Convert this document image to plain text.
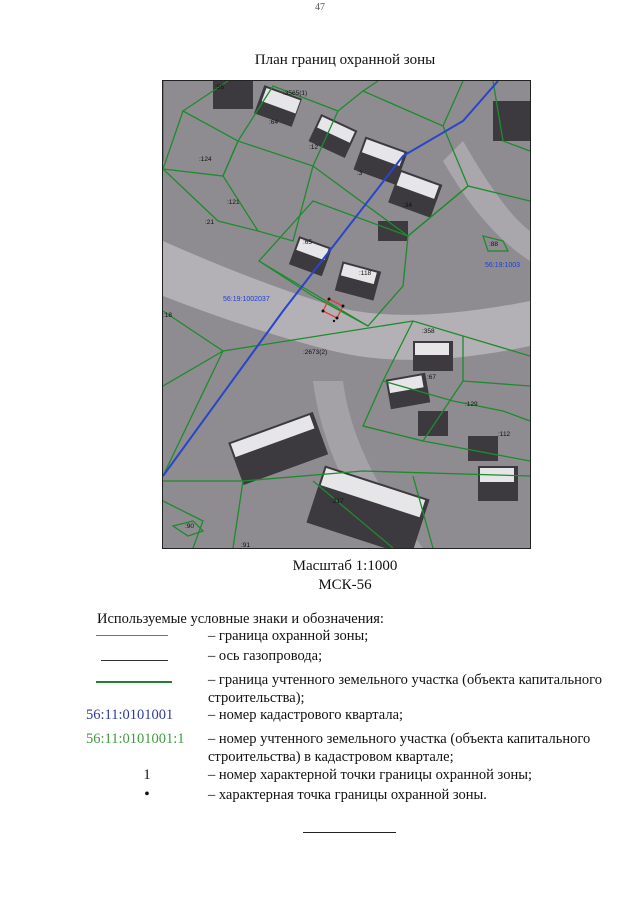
47
План границ охранной зоны
:56
:3565(1)
:64
:12
:124
:3
:121
:21
:34
:65	:88
:118
:18
:358
:2673(2)
:67
:129
:112
:217
:90
:91
56:19:1002037
56:19:1003
Масштаб 1:1000
МСК-56
Используемые условные знаки и обозначения:
– граница охранной зоны;
– ось газопровода;
– граница учтенного земельного участка (объекта капитального строительства);
56:11:0101001	– номер кадастрового квартала;
56:11:0101001:1	– номер учтенного земельного участка (объекта капитального строительства) в кадастровом квартале;
1	– номер характерной точки границы охранной зоны;
•	– характерная точка границы охранной зоны.
